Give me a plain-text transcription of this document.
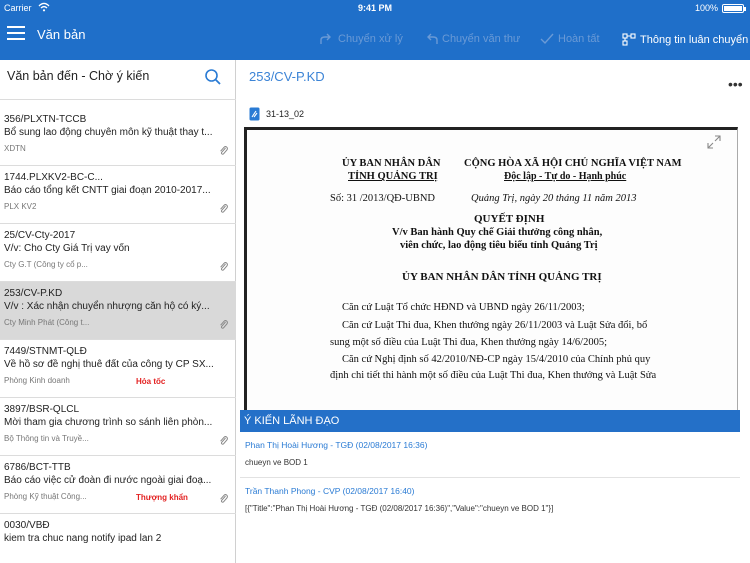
Carrier	9:41 PM	100%
Văn bản	Chuyển xử lý	Chuyển văn thư	Hoàn tất	Thông tin luân chuyển
Văn bản đến - Chờ ý kiến
356/PLXTN-TCCB
Bổ sung lao động chuyên môn kỹ thuật thay t...
XDTN
1744.PLXKV2-BC-C...
Báo cáo tổng kết CNTT giai đoạn 2010-2017...
PLX KV2
25/CV-Cty-2017
V/v: Cho Cty Giá Trị vay vốn
Cty G.T (Công ty cổ p...
253/CV-P.KD
V/v : Xác nhận chuyển nhượng căn hộ có ký...
Cty Minh Phát (Công t...
7449/STNMT-QLĐ
Về hồ sơ đề nghị thuê đất của công ty CP SX...
Phòng Kinh doanh	Hỏa tốc
3897/BSR-QLCL
Mời tham gia chương trình so sánh liên phòn...
Bộ Thông tin và Truyề...
6786/BCT-TTB
Báo cáo việc cử đoàn đi nước ngoài giai đoạ...
Phòng Kỹ thuật Công...	Thượng khẩn
0030/VBĐ
kiem tra chuc nang notify ipad lan 2
253/CV-P.KD	•••
31-13_02
ỦY BAN NHÂN DÂN
TỈNH QUẢNG TRỊ
CỘNG HÒA XÃ HỘI CHỦ NGHĨA VIỆT NAM
Độc lập - Tự do - Hạnh phúc
Số: 31 /2013/QĐ-UBND	Quảng Trị, ngày 20 tháng 11 năm 2013
QUYẾT ĐỊNH
V/v Ban hành Quy chế Giải thưởng công nhân,
viên chức, lao động tiêu biểu tỉnh Quảng Trị
ỦY BAN NHÂN DÂN TỈNH QUẢNG TRỊ
Căn cứ Luật Tổ chức HĐND và UBND ngày 26/11/2003;
Căn cứ Luật Thi đua, Khen thưởng ngày 26/11/2003 và Luật Sửa đổi, bổ
sung một số điều của Luật Thi đua, Khen thưởng ngày 14/6/2005;
Căn cứ Nghị định số 42/2010/NĐ-CP ngày 15/4/2010 của Chính phủ quy
định chi tiết thi hành một số điều của Luật Thi đua, Khen thưởng và Luật Sửa
Ý KIẾN LÃNH ĐẠO
Phan Thị Hoài Hương - TGĐ (02/08/2017 16:36)
chueyn ve BOD 1
Trần Thanh Phong - CVP (02/08/2017 16:40)
[{"Title":"Phan Thị Hoài Hương - TGĐ (02/08/2017 16:36)","Value":"chueyn ve BOD 1"}]
